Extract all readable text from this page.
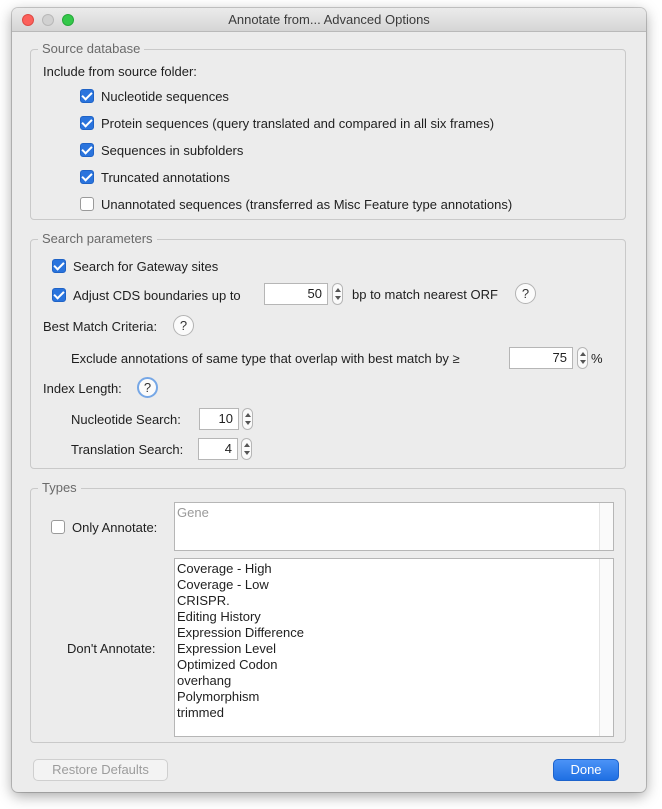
Annotate from... Advanced Options
Source database
Include from source folder:
Nucleotide sequences
Protein sequences (query translated and compared in all six frames)
Sequences in subfolders
Truncated annotations
Unannotated sequences (transferred as Misc Feature type annotations)
Search parameters
Search for Gateway sites
Adjust CDS boundaries up to	50	bp to match nearest ORF	?
Best Match Criteria:	?
Exclude annotations of same type that overlap with best match by ≥	75	%
Index Length:	?
Nucleotide Search:	10
Translation Search:	4
Types
Only Annotate:
Gene
Don't Annotate:
Coverage - High
Coverage - Low
CRISPR.
Editing History
Expression Difference
Expression Level
Optimized Codon
overhang
Polymorphism
trimmed
Restore Defaults	Done
